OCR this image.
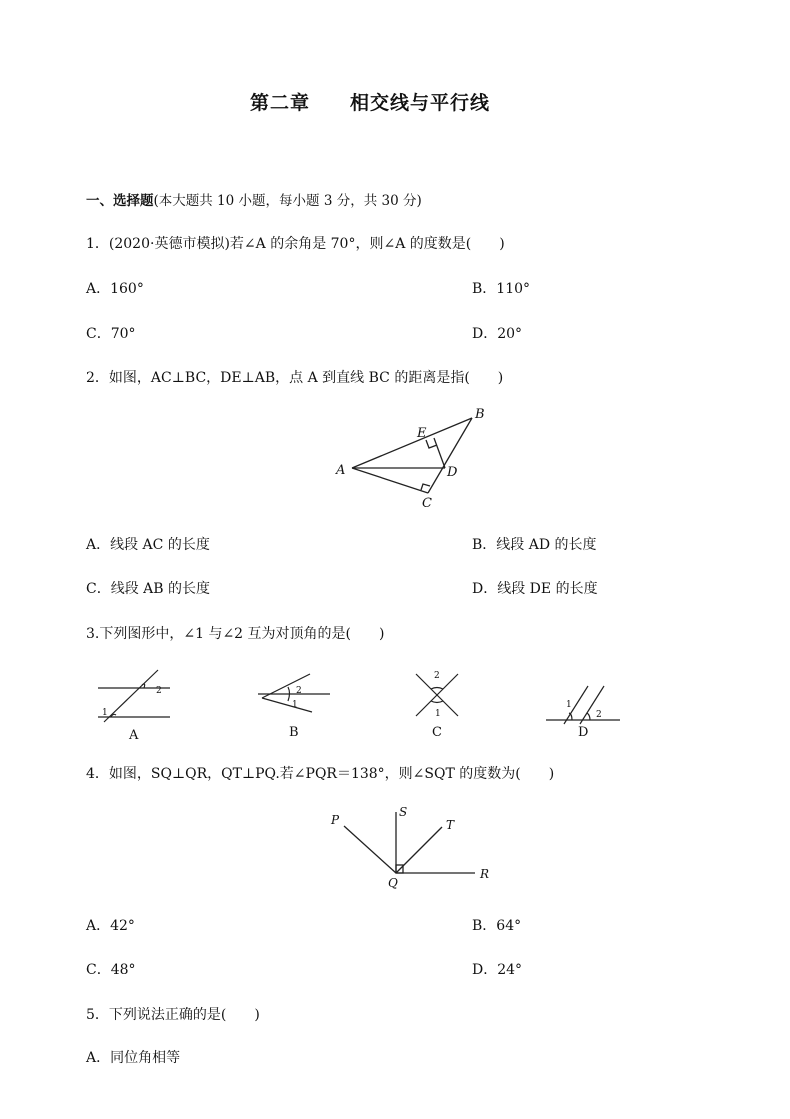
第二章 相交线与平行线
一、选择题(本大题共 10 小题，每小题 3 分，共 30 分)
1．(2020·英德市模拟)若∠A 的余角是 70°，则∠A 的度数是(　　)
A．160°	B．110°
C．70°	D．20°
2．如图，AC⊥BC，DE⊥AB，点 A 到直线 BC 的距离是指(　　)
A
B
C
D
E
A．线段 AC 的长度	B．线段 AD 的长度
C．线段 AB 的长度	D．线段 DE 的长度
3.下列图形中，∠1 与∠2 互为对顶角的是(　　)
2
1
A
2
1
B
2
1
C
1
2
D
4．如图，SQ⊥QR，QT⊥PQ.若∠PQR＝138°，则∠SQT 的度数为(　　)
P
S
T
Q
R
A．42°	B．64°
C．48°	D．24°
5．下列说法正确的是(　　)
A．同位角相等
